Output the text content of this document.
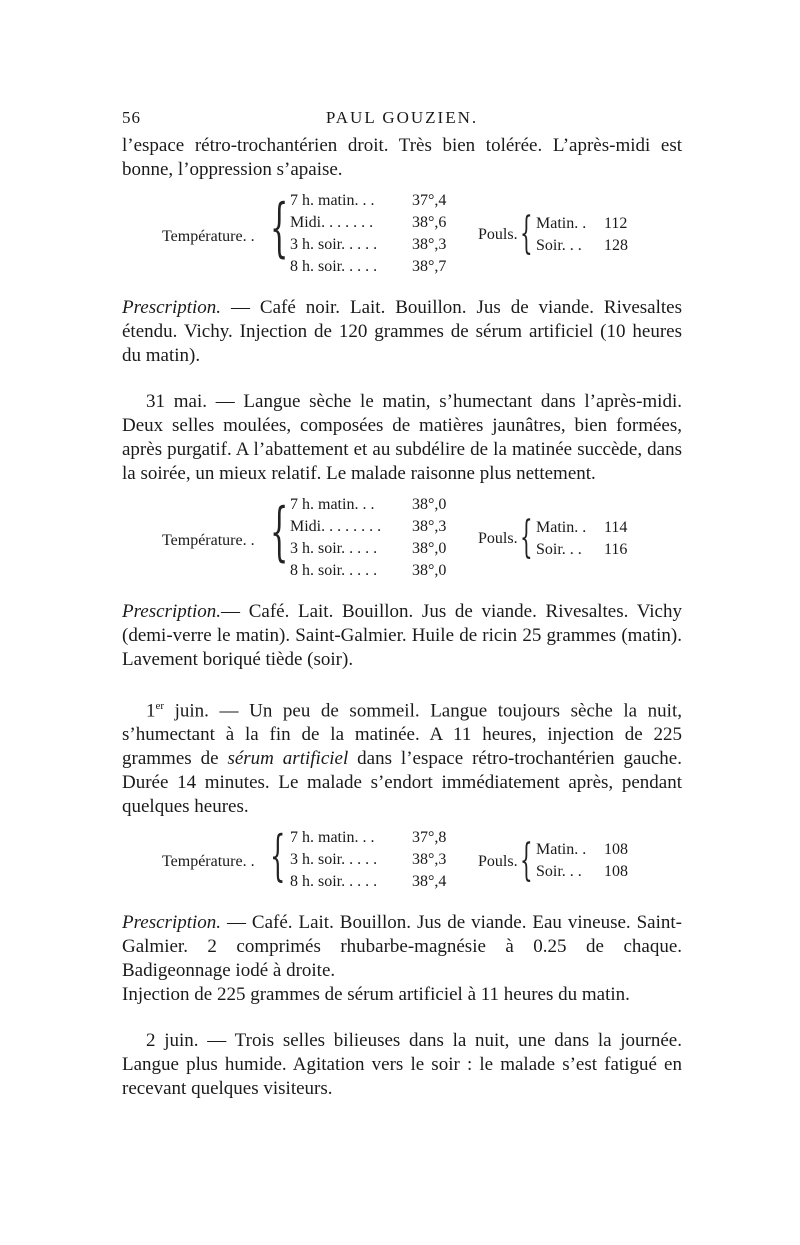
56	PAUL GOUZIEN.

l’espace rétro-trochantérien droit. Très bien tolérée. L’après-midi est bonne, l’oppression s’apaise.

Température. . { 7 h. matin. . . 37°,4
Midi. . . . . . . 38°,6
3 h. soir. . . . . 38°,3
8 h. soir. . . . . 38°,7
Pouls. { Matin. . 112
Soir. . . 128

Prescription. — Café noir. Lait. Bouillon. Jus de viande. Rivesaltes étendu. Vichy. Injection de 120 grammes de sérum artificiel (10 heures du matin).

31 mai. — Langue sèche le matin, s’humectant dans l’après-midi. Deux selles moulées, composées de matières jaunâtres, bien formées, après purgatif. A l’abattement et au subdélire de la matinée succède, dans la soirée, un mieux relatif. Le malade raisonne plus nettement.

Température. . { 7 h. matin. . . 38°,0
Midi. . . . . . . . 38°,3
3 h. soir. . . . . 38°,0
8 h. soir. . . . . 38°,0
Pouls. { Matin. . 114
Soir. . . 116

Prescription.— Café. Lait. Bouillon. Jus de viande. Rivesaltes. Vichy (demi-verre le matin). Saint-Galmier. Huile de ricin 25 grammes (matin). Lavement boriqué tiède (soir).

1er juin. — Un peu de sommeil. Langue toujours sèche la nuit, s’humectant à la fin de la matinée. A 11 heures, injection de 225 grammes de sérum artificiel dans l’espace rétro-trochantérien gauche. Durée 14 minutes. Le malade s’endort immédiatement après, pendant quelques heures.

Température. . { 7 h. matin. . . 37°,8
3 h. soir. . . . . 38°,3
8 h. soir. . . . . 38°,4
Pouls. { Matin. . 108
Soir. . . 108

Prescription. — Café. Lait. Bouillon. Jus de viande. Eau vineuse. Saint-Galmier. 2 comprimés rhubarbe-magnésie à 0.25 de chaque. Badigeonnage iodé à droite.

Injection de 225 grammes de sérum artificiel à 11 heures du matin.

2 juin. — Trois selles bilieuses dans la nuit, une dans la journée. Langue plus humide. Agitation vers le soir : le malade s’est fatigué en recevant quelques visiteurs.
